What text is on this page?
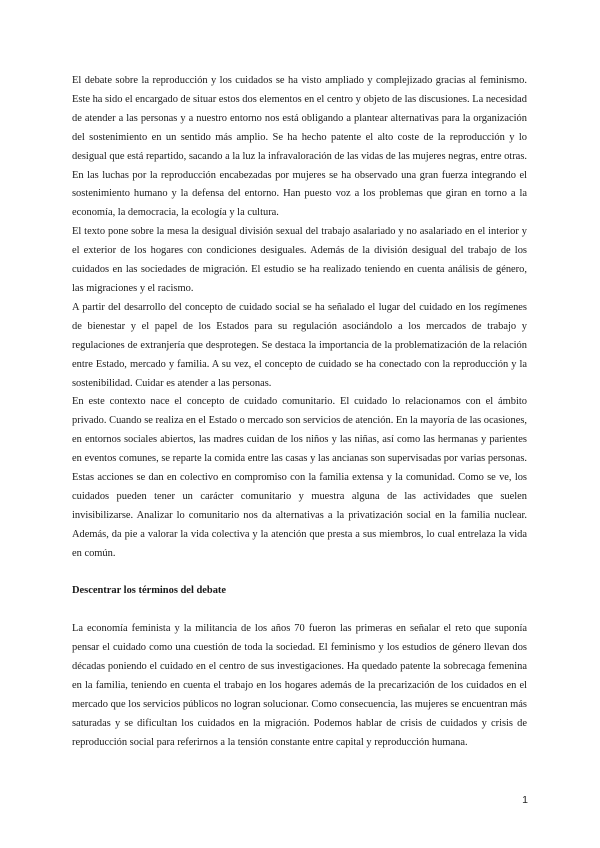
El debate sobre la reproducción y los cuidados se ha visto ampliado y complejizado gracias al feminismo. Este ha sido el encargado de situar estos dos elementos en el centro y objeto de las discusiones. La necesidad de atender a las personas y a nuestro entorno nos está obligando a plantear alternativas para la organización del sostenimiento en un sentido más amplio. Se ha hecho patente el alto coste de la reproducción y lo desigual que está repartido, sacando a la luz la infravaloración de las vidas de las mujeres negras, entre otras. En las luchas por la reproducción encabezadas por mujeres se ha observado una gran fuerza integrando el sostenimiento humano y la defensa del entorno. Han puesto voz a los problemas que giran en torno a la economía, la democracia, la ecología y la cultura.

El texto pone sobre la mesa la desigual división sexual del trabajo asalariado y no asalariado en el interior y el exterior de los hogares con condiciones desiguales. Además de la división desigual del trabajo de los cuidados en las sociedades de migración. El estudio se ha realizado teniendo en cuenta análisis de género, las migraciones y el racismo.

A partir del desarrollo del concepto de cuidado social se ha señalado el lugar del cuidado en los regímenes de bienestar y el papel de los Estados para su regulación asociándolo a los mercados de trabajo y regulaciones de extranjería que desprotegen. Se destaca la importancia de la problematización de la relación entre Estado, mercado y familia. A su vez, el concepto de cuidado se ha conectado con la reproducción y la sostenibilidad. Cuidar es atender a las personas.

En este contexto nace el concepto de cuidado comunitario. El cuidado lo relacionamos con el ámbito privado. Cuando se realiza en el Estado o mercado son servicios de atención. En la mayoría de las ocasiones, en entornos sociales abiertos, las madres cuidan de los niños y las niñas, así como las hermanas y parientes en eventos comunes, se reparte la comida entre las casas y las ancianas son supervisadas por varias personas. Estas acciones se dan en colectivo en compromiso con la familia extensa y la comunidad. Como se ve, los cuidados pueden tener un carácter comunitario y muestra alguna de las actividades que suelen invisibilizarse. Analizar lo comunitario nos da alternativas a la privatización social en la familia nuclear. Además, da pie a valorar la vida colectiva y la atención que presta a sus miembros, lo cual entrelaza la vida en común.

Descentrar los términos del debate

La economía feminista y la militancia de los años 70 fueron las primeras en señalar el reto que suponía pensar el cuidado como una cuestión de toda la sociedad. El feminismo y los estudios de género llevan dos décadas poniendo el cuidado en el centro de sus investigaciones. Ha quedado patente la sobrecaga femenina en la familia, teniendo en cuenta el trabajo en los hogares además de la precarización de los cuidados en el mercado que los servicios públicos no logran solucionar. Como consecuencia, las mujeres se encuentran más saturadas y se dificultan los cuidados en la migración. Podemos hablar de crisis de cuidados y crisis de reproducción social para referirnos a la tensión constante entre capital y reproducción humana.

1
